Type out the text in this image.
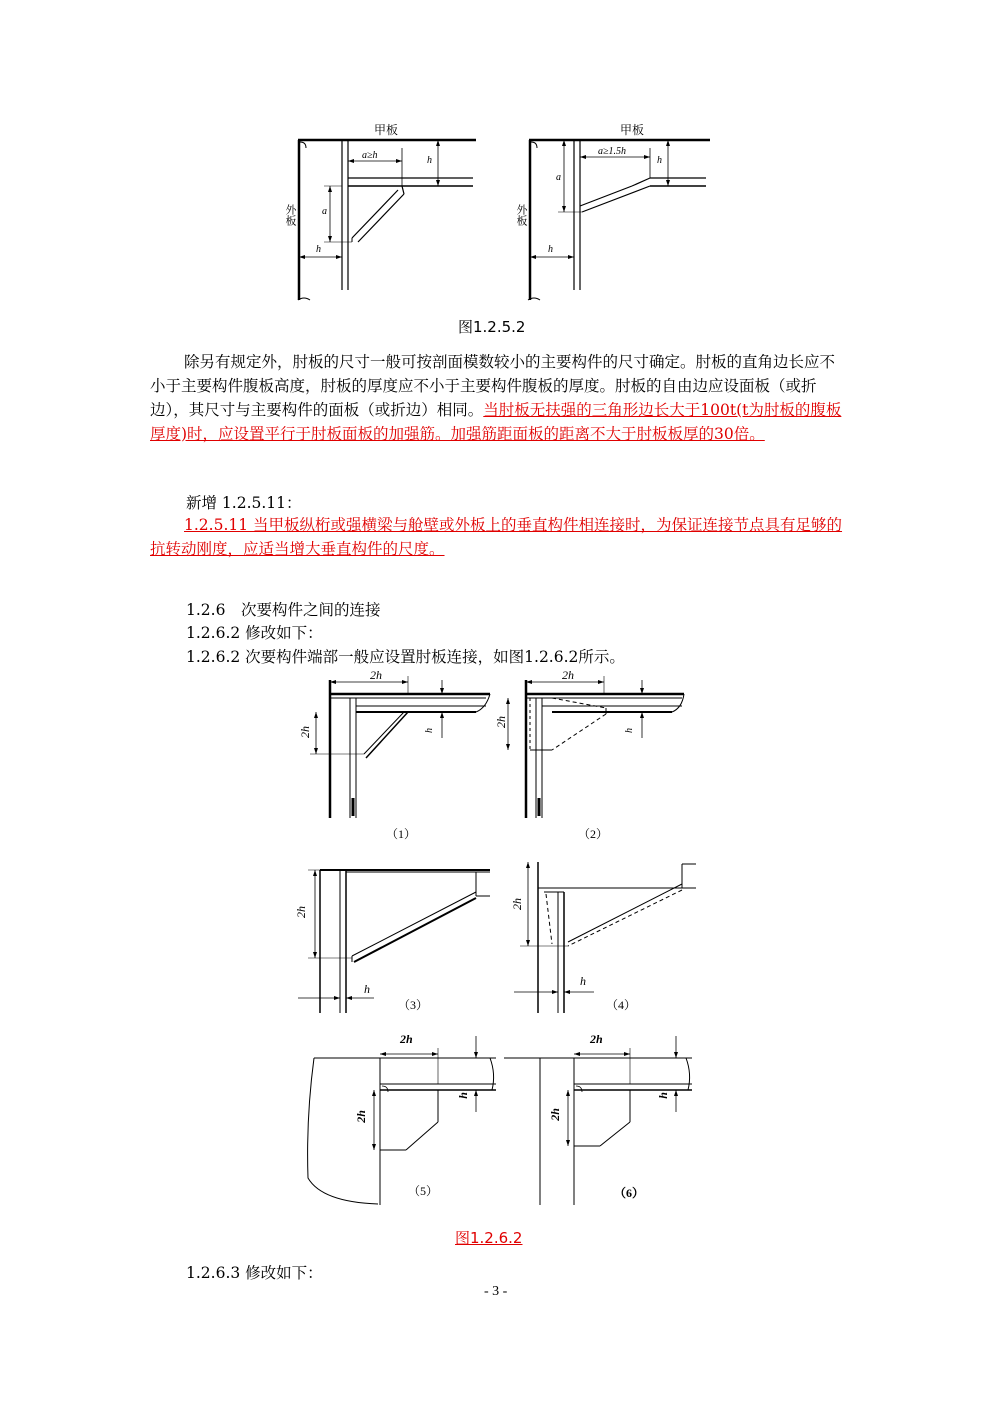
甲板
a≥h	h
a
h
外板
甲板
a≥1.5h
h
a
h
外板
图1.2.5.2
除另有规定外，肘板的尺寸一般可按剖面模数较小的主要构件的尺寸确定。肘板的直角边长应不小于主要构件腹板高度，肘板的厚度应不小于主要构件腹板的厚度。肘板的自由边应设面板（或折边），其尺寸与主要构件的面板（或折边）相同。当肘板无扶强的三角形边长大于100t(t为肘板的腹板厚度)时，应设置平行于肘板面板的加强筋。加强筋距面板的距离不大于肘板板厚的30倍。
新增 1.2.5.11：
1.2.5.11 当甲板纵桁或强横梁与舱壁或外板上的垂直构件相连接时，为保证连接节点具有足够的抗转动刚度，应适当增大垂直构件的尺度。
1.2.6　次要构件之间的连接
1.2.6.2 修改如下：
1.2.6.2 次要构件端部一般应设置肘板连接，如图1.2.6.2所示。
2h
2h	h
（1）
2h
2h
h
（2）
2h
h
（3）
2h
h
（4）
2h
2h
h
（5）
2h
2h
h
（6）
图1.2.6.2
1.2.6.3 修改如下：
- 3 -
